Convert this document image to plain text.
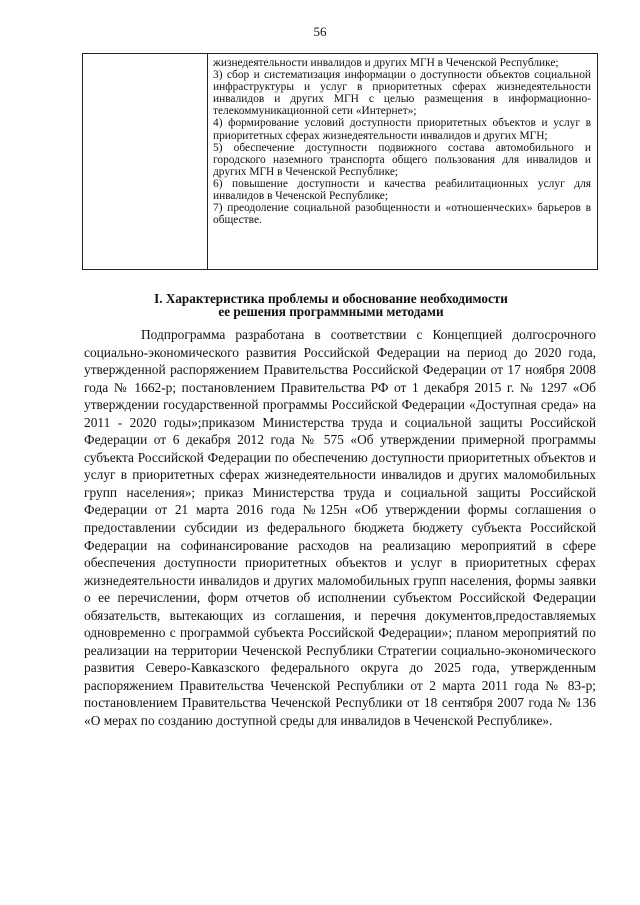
56
жизнедеятельности инвалидов и других МГН в Чеченской Республике;
3) сбор и систематизация информации о доступности объектов социальной инфраструктуры и услуг в приоритетных сферах жизнедеятельности инвалидов и других МГН с целью размещения в информационно-телекоммуникационной сети «Интернет»;
4) формирование условий доступности приоритетных объектов и услуг в приоритетных сферах жизнедеятельности инвалидов и других МГН;
5) обеспечение доступности подвижного состава автомобильного и городского наземного транспорта общего пользования для инвалидов и других МГН в Чеченской Республике;
6) повышение доступности и качества реабилитационных услуг для инвалидов в Чеченской Республике;
7) преодоление социальной разобщенности и «отношенческих» барьеров в обществе.
I. Характеристика проблемы и обоснование необходимости
ее решения программными методами

Подпрограмма разработана в соответствии с Концепцией долгосрочного социально-экономического развития Российской Федерации на период до 2020 года, утвержденной распоряжением Правительства Российской Федерации от 17 ноября 2008 года № 1662-р; постановлением Правительства РФ от 1 декабря 2015 г. № 1297 «Об утверждении государственной программы Российской Федерации «Доступная среда» на 2011 - 2020 годы»;приказом Министерства труда и социальной защиты Российской Федерации от 6 декабря 2012 года № 575 «Об утверждении примерной программы субъекта Российской Федерации по обеспечению доступности приоритетных объектов и услуг в приоритетных сферах жизнедеятельности инвалидов и других маломобильных групп населения»; приказ Министерства труда и социальной защиты Российской Федерации от 21 марта 2016 года №125н «Об утверждении формы соглашения о предоставлении субсидии из федерального бюджета бюджету субъекта Российской Федерации на софинансирование расходов на реализацию мероприятий в сфере обеспечения доступности приоритетных объектов и услуг в приоритетных сферах жизнедеятельности инвалидов и других маломобильных групп населения, формы заявки о ее перечислении, форм отчетов об исполнении субъектом Российской Федерации обязательств, вытекающих из соглашения, и перечня документов,предоставляемых одновременно с программой субъекта Российской Федерации»; планом мероприятий по реализации на территории Чеченской Республики Стратегии социально-экономического развития Северо-Кавказского федерального округа до 2025 года, утвержденным распоряжением Правительства Чеченской Республики от 2 марта 2011 года № 83-р; постановлением Правительства Чеченской Республики от 18 сентября 2007 года № 136 «О мерах по созданию доступной среды для инвалидов в Чеченской Республике».
